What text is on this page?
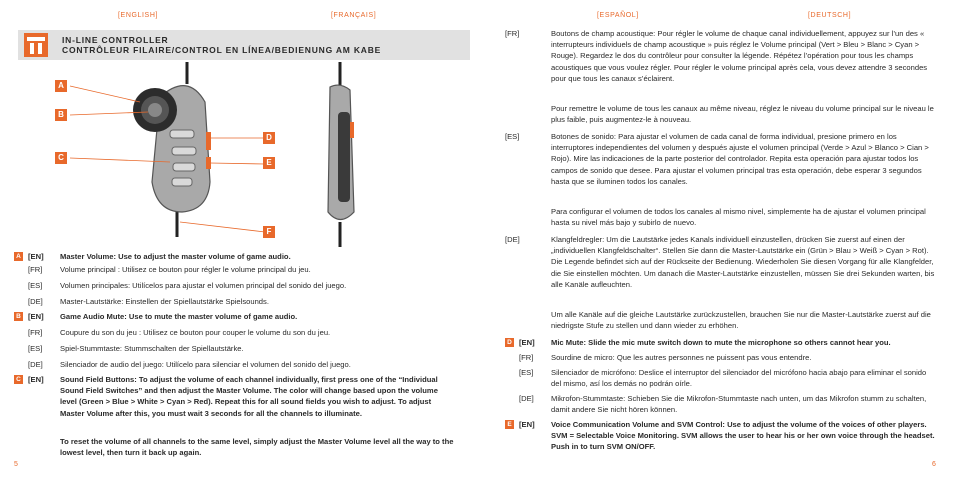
[ENGLISH]	[FRANÇAIS]	[ESPAÑOL]	[DEUTSCH]
IN-LINE CONTROLLER
CONTRÔLEUR FILAIRE/CONTROL EN LÍNEA/BEDIENUNG AM KABE
A
B
C
D
E
F
A [EN]	Master Volume: Use to adjust the master volume of game audio.
[FR]	Volume principal : Utilisez ce bouton pour régler le volume principal du jeu.
[ES]	Volumen principales: Utilícelos para ajustar el volumen principal del sonido del juego.
[DE]	Master-Lautstärke: Einstellen der Spiellautstärke Spielsounds.
B [EN]	Game Audio Mute: Use to mute the master volume of game audio.
[FR]	Coupure du son du jeu : Utilisez ce bouton pour couper le volume du son du jeu.
[ES]	Spiel-Stummtaste: Stummschalten der Spiellautstärke.
[DE]	Silenciador de audio del juego: Utilícelo para silenciar el volumen del sonido del juego.
C [EN]	Sound Field Buttons: To adjust the volume of each channel individually, first press one of the “Individual Sound Field Switches” and then adjust the Master Volume. The color will change based upon the volume level (Green > Blue > White > Cyan > Red). Repeat this for all sound fields you wish to adjust. To adjust Master Volume after this, you must wait 3 seconds for all the channels to illuminate.
To reset the volume of all channels to the same level, simply adjust the Master Volume level all the way to the lowest level, then turn it back up again.
[FR]	Boutons de champ acoustique: Pour régler le volume de chaque canal individuellement, appuyez sur l’un des « interrupteurs individuels de champ acoustique » puis réglez le Volume principal (Vert > Bleu > Blanc > Cyan > Rouge). Regardez le dos du contrôleur pour consulter la légende. Répétez l’opération pour tous les champs acoustiques que vous voulez régler. Pour régler le volume principal après cela, vous devez attendre 3 secondes pour que tous les canaux s’éclairent.
Pour remettre le volume de tous les canaux au même niveau, réglez le niveau du volume principal sur le niveau le plus faible, puis augmentez-le à nouveau.
[ES]	Botones de sonido: Para ajustar el volumen de cada canal de forma individual, presione primero en los interruptores independientes del volumen y después ajuste el volumen principal (Verde > Azul > Blanco > Cian > Rojo). Mire las indicaciones de la parte posterior del controlador. Repita esta operación para ajustar todos los campos de sonido que desee. Para ajustar el volumen principal tras esta operación, debe esperar 3 segundos hasta que se iluminen todos los canales.
Para configurar el volumen de todos los canales al mismo nivel, simplemente ha de ajustar el volumen principal hasta su nivel más bajo y subirlo de nuevo.
[DE]	Klangfeldregler: Um die Lautstärke jedes Kanals individuell einzustellen, drücken Sie zuerst auf einen der „individuellen Klangfeldschalter“. Stellen Sie dann die Master-Lautstärke ein (Grün > Blau > Weiß > Cyan > Rot). Die Legende befindet sich auf der Rückseite der Bedienung. Wiederholen Sie diesen Vorgang für alle Klangfelder, die Sie einstellen möchten. Um danach die Master-Lautstärke einzustellen, müssen Sie drei Sekunden warten, bis alle Kanäle aufleuchten.
Um alle Kanäle auf die gleiche Lautstärke zurückzustellen, brauchen Sie nur die Master-Lautstärke zuerst auf die niedrigste Stufe zu stellen und dann wieder zu erhöhen.
D [EN]	Mic Mute: Slide the mic mute switch down to mute the microphone so others cannot hear you.
[FR]	Sourdine de micro: Que les autres personnes ne puissent pas vous entendre.
[ES]	Silenciador de micrófono: Deslice el interruptor del silenciador del micrófono hacia abajo para eliminar el sonido del mismo, así los demás no podrán oírle.
[DE]	Mikrofon-Stummtaste: Schieben Sie die Mikrofon-Stummtaste nach unten, um das Mikrofon stumm zu schalten, damit andere Sie nicht hören können.
E [EN]	Voice Communication Volume and SVM Control: Use to adjust the volume of the voices of other players. SVM = Selectable Voice Monitoring. SVM allows the user to hear his or her own voice through the headset. Push in to turn SVM ON/OFF.
5	6
